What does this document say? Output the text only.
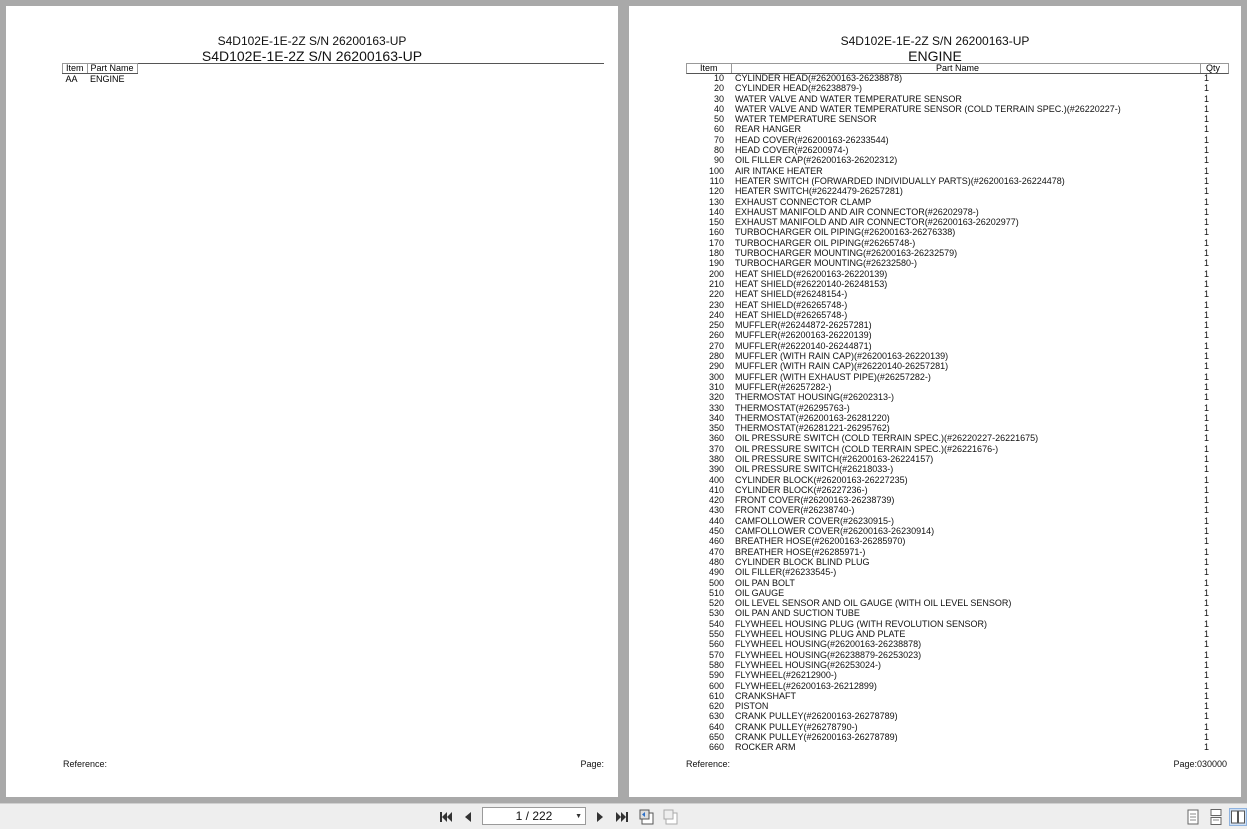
S4D102E-1E-2Z S/N 26200163-UP
S4D102E-1E-2Z S/N 26200163-UP
Item	Part Name
AA	ENGINE
Reference:	Page:
S4D102E-1E-2Z S/N 26200163-UP
ENGINE
Item	Part Name	Qty
10 CYLINDER HEAD(#26200163-26238878)	1
20 CYLINDER HEAD(#26238879-)	1
30 WATER VALVE AND WATER TEMPERATURE SENSOR	1
40 WATER VALVE AND WATER TEMPERATURE SENSOR (COLD TERRAIN SPEC.)(#26220227-)	1
50 WATER TEMPERATURE SENSOR	1
60 REAR HANGER	1
70 HEAD COVER(#26200163-26233544)	1
80 HEAD COVER(#26200974-)	1
90 OIL FILLER CAP(#26200163-26202312)	1
100 AIR INTAKE HEATER	1
110 HEATER SWITCH (FORWARDED INDIVIDUALLY PARTS)(#26200163-26224478)	1
120 HEATER SWITCH(#26224479-26257281)	1
130 EXHAUST CONNECTOR CLAMP	1
140 EXHAUST MANIFOLD AND AIR CONNECTOR(#26202978-)	1
150 EXHAUST MANIFOLD AND AIR CONNECTOR(#26200163-26202977)	1
160 TURBOCHARGER OIL PIPING(#26200163-26276338)	1
170 TURBOCHARGER OIL PIPING(#26265748-)	1
180 TURBOCHARGER MOUNTING(#26200163-26232579)	1
190 TURBOCHARGER MOUNTING(#26232580-)	1
200 HEAT SHIELD(#26200163-26220139)	1
210 HEAT SHIELD(#26220140-26248153)	1
220 HEAT SHIELD(#26248154-)	1
230 HEAT SHIELD(#26265748-)	1
240 HEAT SHIELD(#26265748-)	1
250 MUFFLER(#26244872-26257281)	1
260 MUFFLER(#26200163-26220139)	1
270 MUFFLER(#26220140-26244871)	1
280 MUFFLER (WITH RAIN CAP)(#26200163-26220139)	1
290 MUFFLER (WITH RAIN CAP)(#26220140-26257281)	1
300 MUFFLER (WITH EXHAUST PIPE)(#26257282-)	1
310 MUFFLER(#26257282-)	1
320 THERMOSTAT HOUSING(#26202313-)	1
330 THERMOSTAT(#26295763-)	1
340 THERMOSTAT(#26200163-26281220)	1
350 THERMOSTAT(#26281221-26295762)	1
360 OIL PRESSURE SWITCH (COLD TERRAIN SPEC.)(#26220227-26221675)	1
370 OIL PRESSURE SWITCH (COLD TERRAIN SPEC.)(#26221676-)	1
380 OIL PRESSURE SWITCH(#26200163-26224157)	1
390 OIL PRESSURE SWITCH(#26218033-)	1
400 CYLINDER BLOCK(#26200163-26227235)	1
410 CYLINDER BLOCK(#26227236-)	1
420 FRONT COVER(#26200163-26238739)	1
430 FRONT COVER(#26238740-)	1
440 CAMFOLLOWER COVER(#26230915-)	1
450 CAMFOLLOWER COVER(#26200163-26230914)	1
460 BREATHER HOSE(#26200163-26285970)	1
470 BREATHER HOSE(#26285971-)	1
480 CYLINDER BLOCK BLIND PLUG	1
490 OIL FILLER(#26233545-)	1
500 OIL PAN BOLT	1
510 OIL GAUGE	1
520 OIL LEVEL SENSOR AND OIL GAUGE (WITH OIL LEVEL SENSOR)	1
530 OIL PAN AND SUCTION TUBE	1
540 FLYWHEEL HOUSING PLUG (WITH REVOLUTION SENSOR)	1
550 FLYWHEEL HOUSING PLUG AND PLATE	1
560 FLYWHEEL HOUSING(#26200163-26238878)	1
570 FLYWHEEL HOUSING(#26238879-26253023)	1
580 FLYWHEEL HOUSING(#26253024-)	1
590 FLYWHEEL(#26212900-)	1
600 FLYWHEEL(#26200163-26212899)	1
610 CRANKSHAFT	1
620 PISTON	1
630 CRANK PULLEY(#26200163-26278789)	1
640 CRANK PULLEY(#26278790-)	1
650 CRANK PULLEY(#26200163-26278789)	1
660 ROCKER ARM	1
Reference:	Page:030000
1 / 222	▼
